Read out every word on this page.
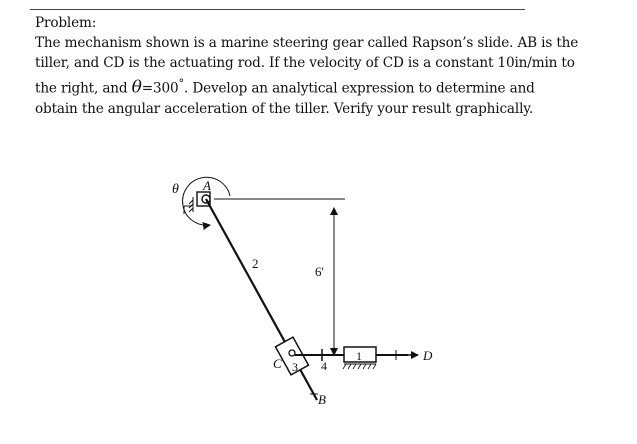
Problem:

The mechanism shown is a marine steering gear called Rapson’s slide. AB is the

tiller, and CD is the actuating rod. If the velocity of CD is a constant 10in/min to

the right, and θ=300°. Develop an analytical expression to determine and

obtain the angular acceleration of the tiller. Verify your result graphically.

θ A
2
6'
C 3 4
1	D
B
